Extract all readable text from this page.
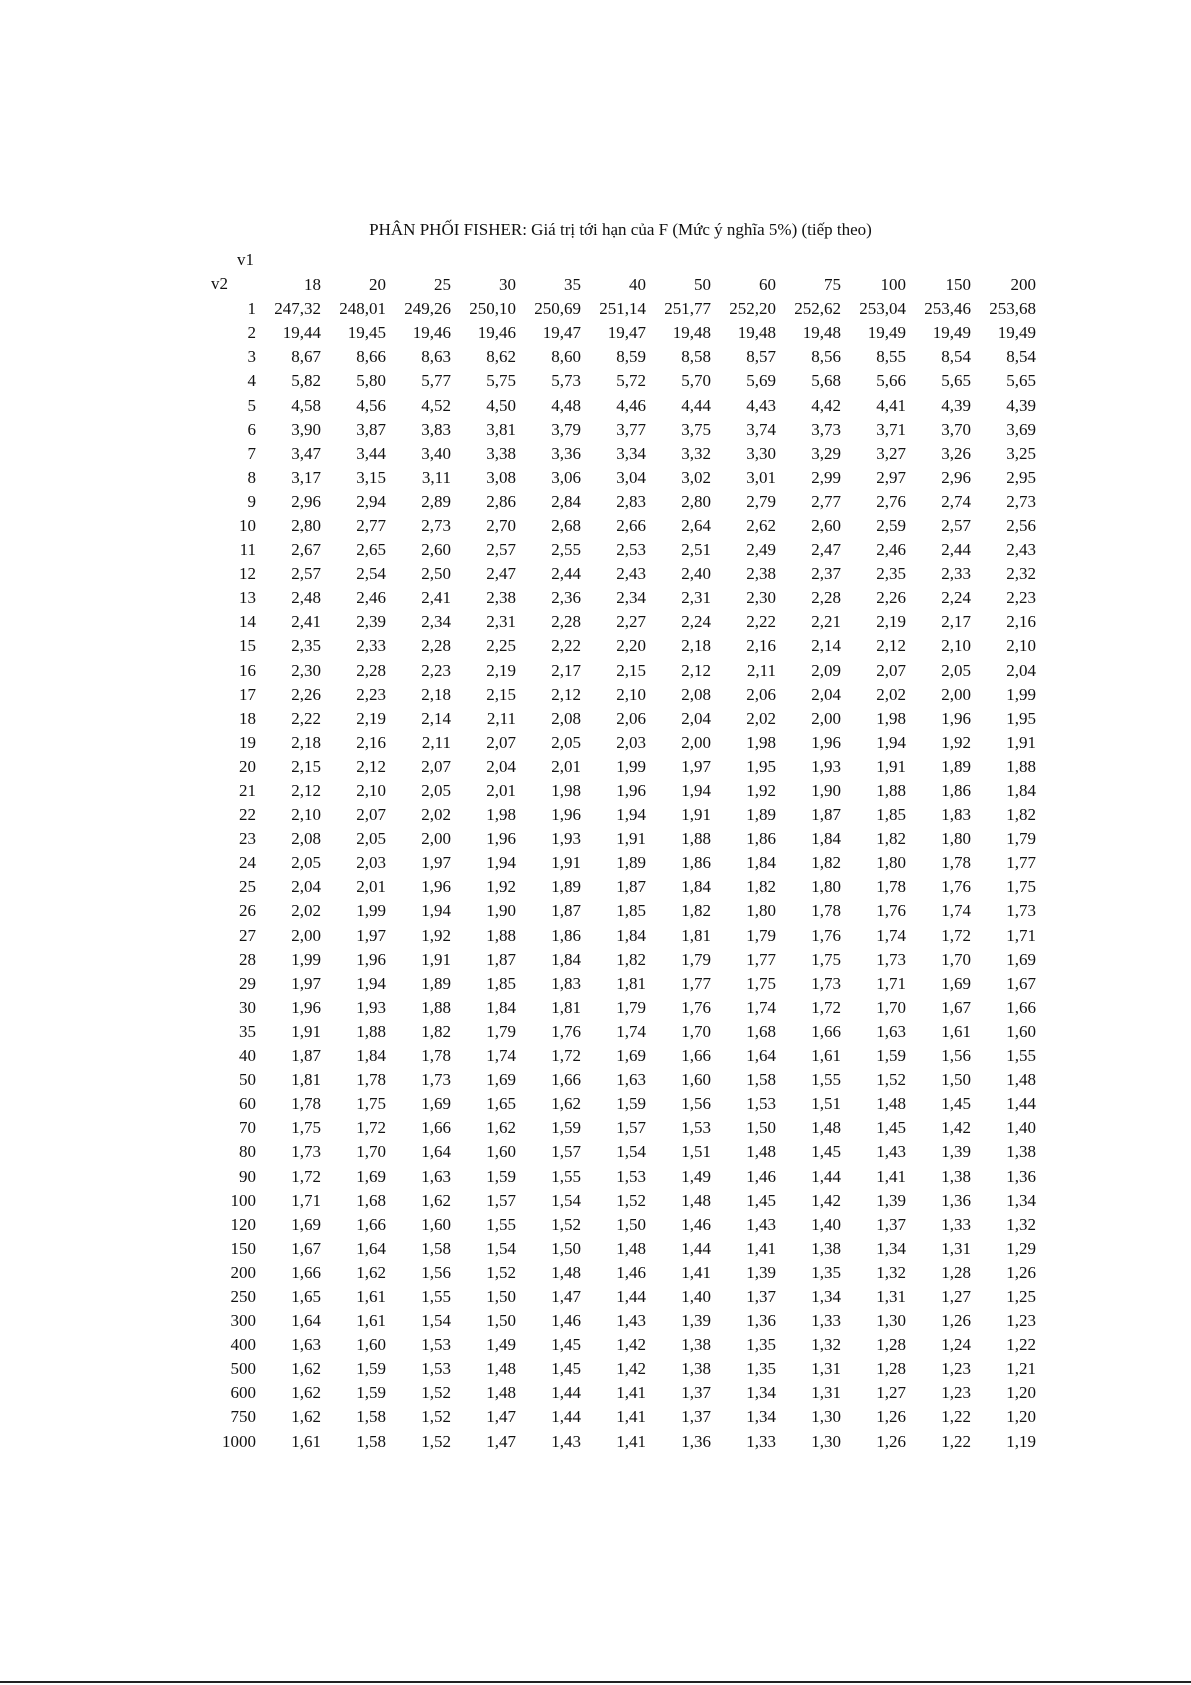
PHÂN PHỐI FISHER: Giá trị tới hạn của F (Mức ý nghĩa 5%) (tiếp theo)
v1
v2	18	20	25	30	35	40	50	60	75	100	150	200
1	247,32	248,01	249,26	250,10	250,69	251,14	251,77	252,20	252,62	253,04	253,46	253,68
2	19,44	19,45	19,46	19,46	19,47	19,47	19,48	19,48	19,48	19,49	19,49	19,49
3	8,67	8,66	8,63	8,62	8,60	8,59	8,58	8,57	8,56	8,55	8,54	8,54
4	5,82	5,80	5,77	5,75	5,73	5,72	5,70	5,69	5,68	5,66	5,65	5,65
5	4,58	4,56	4,52	4,50	4,48	4,46	4,44	4,43	4,42	4,41	4,39	4,39
6	3,90	3,87	3,83	3,81	3,79	3,77	3,75	3,74	3,73	3,71	3,70	3,69
7	3,47	3,44	3,40	3,38	3,36	3,34	3,32	3,30	3,29	3,27	3,26	3,25
8	3,17	3,15	3,11	3,08	3,06	3,04	3,02	3,01	2,99	2,97	2,96	2,95
9	2,96	2,94	2,89	2,86	2,84	2,83	2,80	2,79	2,77	2,76	2,74	2,73
10	2,80	2,77	2,73	2,70	2,68	2,66	2,64	2,62	2,60	2,59	2,57	2,56
11	2,67	2,65	2,60	2,57	2,55	2,53	2,51	2,49	2,47	2,46	2,44	2,43
12	2,57	2,54	2,50	2,47	2,44	2,43	2,40	2,38	2,37	2,35	2,33	2,32
13	2,48	2,46	2,41	2,38	2,36	2,34	2,31	2,30	2,28	2,26	2,24	2,23
14	2,41	2,39	2,34	2,31	2,28	2,27	2,24	2,22	2,21	2,19	2,17	2,16
15	2,35	2,33	2,28	2,25	2,22	2,20	2,18	2,16	2,14	2,12	2,10	2,10
16	2,30	2,28	2,23	2,19	2,17	2,15	2,12	2,11	2,09	2,07	2,05	2,04
17	2,26	2,23	2,18	2,15	2,12	2,10	2,08	2,06	2,04	2,02	2,00	1,99
18	2,22	2,19	2,14	2,11	2,08	2,06	2,04	2,02	2,00	1,98	1,96	1,95
19	2,18	2,16	2,11	2,07	2,05	2,03	2,00	1,98	1,96	1,94	1,92	1,91
20	2,15	2,12	2,07	2,04	2,01	1,99	1,97	1,95	1,93	1,91	1,89	1,88
21	2,12	2,10	2,05	2,01	1,98	1,96	1,94	1,92	1,90	1,88	1,86	1,84
22	2,10	2,07	2,02	1,98	1,96	1,94	1,91	1,89	1,87	1,85	1,83	1,82
23	2,08	2,05	2,00	1,96	1,93	1,91	1,88	1,86	1,84	1,82	1,80	1,79
24	2,05	2,03	1,97	1,94	1,91	1,89	1,86	1,84	1,82	1,80	1,78	1,77
25	2,04	2,01	1,96	1,92	1,89	1,87	1,84	1,82	1,80	1,78	1,76	1,75
26	2,02	1,99	1,94	1,90	1,87	1,85	1,82	1,80	1,78	1,76	1,74	1,73
27	2,00	1,97	1,92	1,88	1,86	1,84	1,81	1,79	1,76	1,74	1,72	1,71
28	1,99	1,96	1,91	1,87	1,84	1,82	1,79	1,77	1,75	1,73	1,70	1,69
29	1,97	1,94	1,89	1,85	1,83	1,81	1,77	1,75	1,73	1,71	1,69	1,67
30	1,96	1,93	1,88	1,84	1,81	1,79	1,76	1,74	1,72	1,70	1,67	1,66
35	1,91	1,88	1,82	1,79	1,76	1,74	1,70	1,68	1,66	1,63	1,61	1,60
40	1,87	1,84	1,78	1,74	1,72	1,69	1,66	1,64	1,61	1,59	1,56	1,55
50	1,81	1,78	1,73	1,69	1,66	1,63	1,60	1,58	1,55	1,52	1,50	1,48
60	1,78	1,75	1,69	1,65	1,62	1,59	1,56	1,53	1,51	1,48	1,45	1,44
70	1,75	1,72	1,66	1,62	1,59	1,57	1,53	1,50	1,48	1,45	1,42	1,40
80	1,73	1,70	1,64	1,60	1,57	1,54	1,51	1,48	1,45	1,43	1,39	1,38
90	1,72	1,69	1,63	1,59	1,55	1,53	1,49	1,46	1,44	1,41	1,38	1,36
100	1,71	1,68	1,62	1,57	1,54	1,52	1,48	1,45	1,42	1,39	1,36	1,34
120	1,69	1,66	1,60	1,55	1,52	1,50	1,46	1,43	1,40	1,37	1,33	1,32
150	1,67	1,64	1,58	1,54	1,50	1,48	1,44	1,41	1,38	1,34	1,31	1,29
200	1,66	1,62	1,56	1,52	1,48	1,46	1,41	1,39	1,35	1,32	1,28	1,26
250	1,65	1,61	1,55	1,50	1,47	1,44	1,40	1,37	1,34	1,31	1,27	1,25
300	1,64	1,61	1,54	1,50	1,46	1,43	1,39	1,36	1,33	1,30	1,26	1,23
400	1,63	1,60	1,53	1,49	1,45	1,42	1,38	1,35	1,32	1,28	1,24	1,22
500	1,62	1,59	1,53	1,48	1,45	1,42	1,38	1,35	1,31	1,28	1,23	1,21
600	1,62	1,59	1,52	1,48	1,44	1,41	1,37	1,34	1,31	1,27	1,23	1,20
750	1,62	1,58	1,52	1,47	1,44	1,41	1,37	1,34	1,30	1,26	1,22	1,20
1000	1,61	1,58	1,52	1,47	1,43	1,41	1,36	1,33	1,30	1,26	1,22	1,19
